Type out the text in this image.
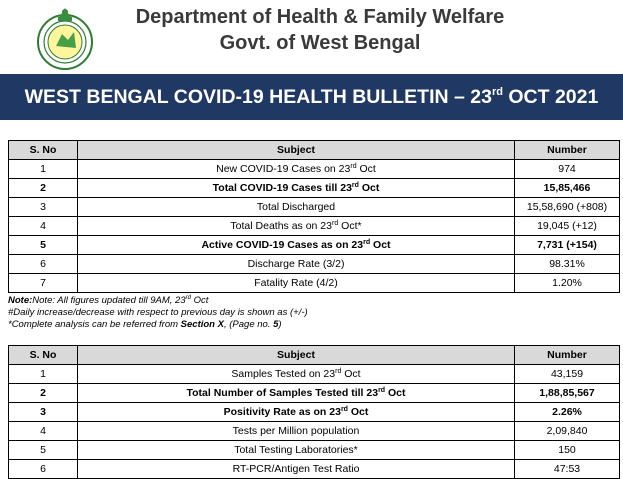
Department of Health & Family Welfare
Govt. of West Bengal
WEST BENGAL COVID-19 HEALTH BULLETIN – 23rd OCT 2021
S. No	Subject	Number
1	New COVID-19 Cases on 23rd Oct	974
2	Total COVID-19 Cases till 23rd Oct	15,85,466
3	Total Discharged	15,58,690 (+808)
4	Total Deaths as on 23rd Oct*	19,045 (+12)
5	Active COVID-19 Cases as on 23rd Oct	7,731 (+154)
6	Discharge Rate (3/2)	98.31%
7	Fatality Rate (4/2)	1.20%
Note:Note: All figures updated till 9AM, 23rd Oct
#Daily increase/decrease with respect to previous day is shown as (+/-)
*Complete analysis can be referred from Section X, (Page no. 5)
S. No	Subject	Number
1	Samples Tested on 23rd Oct	43,159
2	Total Number of Samples Tested till 23rd Oct	1,88,85,567
3	Positivity Rate as on 23rd Oct	2.26%
4	Tests per Million population	2,09,840
5	Total Testing Laboratories*	150
6	RT-PCR/Antigen Test Ratio	47:53
